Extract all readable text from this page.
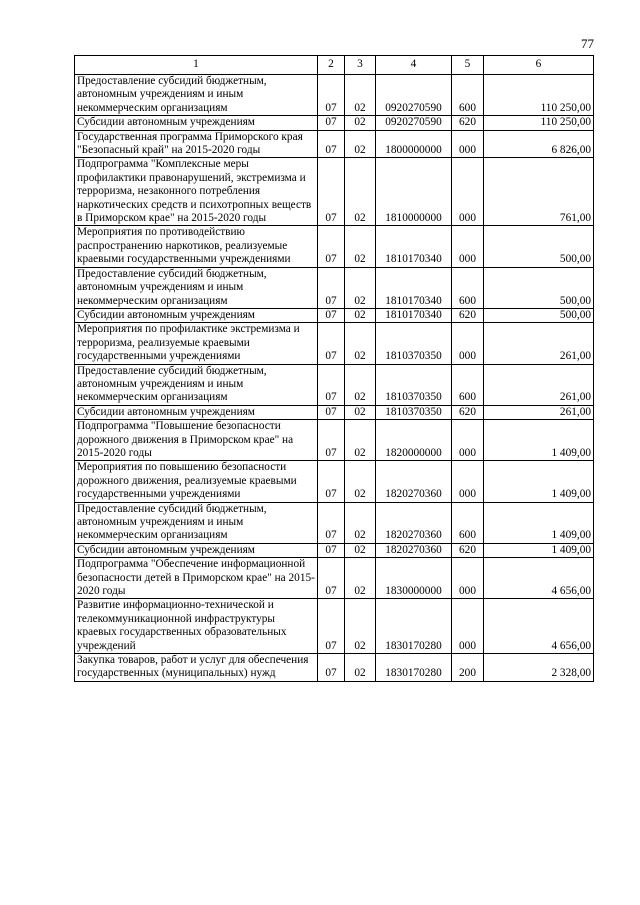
77
1	2	3	4	5	6
Предоставление субсидий бюджетным, автономным учреждениям и иным некоммерческим организациям	07	02	0920270590	600	110 250,00
Субсидии автономным учреждениям	07	02	0920270590	620	110 250,00
Государственная программа Приморского края "Безопасный край" на 2015-2020 годы	07	02	1800000000	000	6 826,00
Подпрограмма "Комплексные меры профилактики правонарушений, экстремизма и терроризма, незаконного потребления наркотических средств и психотропных веществ в Приморском крае" на 2015-2020 годы	07	02	1810000000	000	761,00
Мероприятия по противодействию распространению наркотиков, реализуемые краевыми государственными учреждениями	07	02	1810170340	000	500,00
Предоставление субсидий бюджетным, автономным учреждениям и иным некоммерческим организациям	07	02	1810170340	600	500,00
Субсидии автономным учреждениям	07	02	1810170340	620	500,00
Мероприятия по профилактике экстремизма и терроризма, реализуемые краевыми государственными учреждениями	07	02	1810370350	000	261,00
Предоставление субсидий бюджетным, автономным учреждениям и иным некоммерческим организациям	07	02	1810370350	600	261,00
Субсидии автономным учреждениям	07	02	1810370350	620	261,00
Подпрограмма "Повышение безопасности дорожного движения в Приморском крае" на 2015-2020 годы	07	02	1820000000	000	1 409,00
Мероприятия по повышению безопасности дорожного движения, реализуемые краевыми государственными учреждениями	07	02	1820270360	000	1 409,00
Предоставление субсидий бюджетным, автономным учреждениям и иным некоммерческим организациям	07	02	1820270360	600	1 409,00
Субсидии автономным учреждениям	07	02	1820270360	620	1 409,00
Подпрограмма "Обеспечение информационной безопасности детей в Приморском крае" на 2015-2020 годы	07	02	1830000000	000	4 656,00
Развитие информационно-технической и телекоммуникационной инфраструктуры краевых государственных образовательных учреждений	07	02	1830170280	000	4 656,00
Закупка товаров, работ и услуг для обеспечения государственных (муниципальных) нужд	07	02	1830170280	200	2 328,00
